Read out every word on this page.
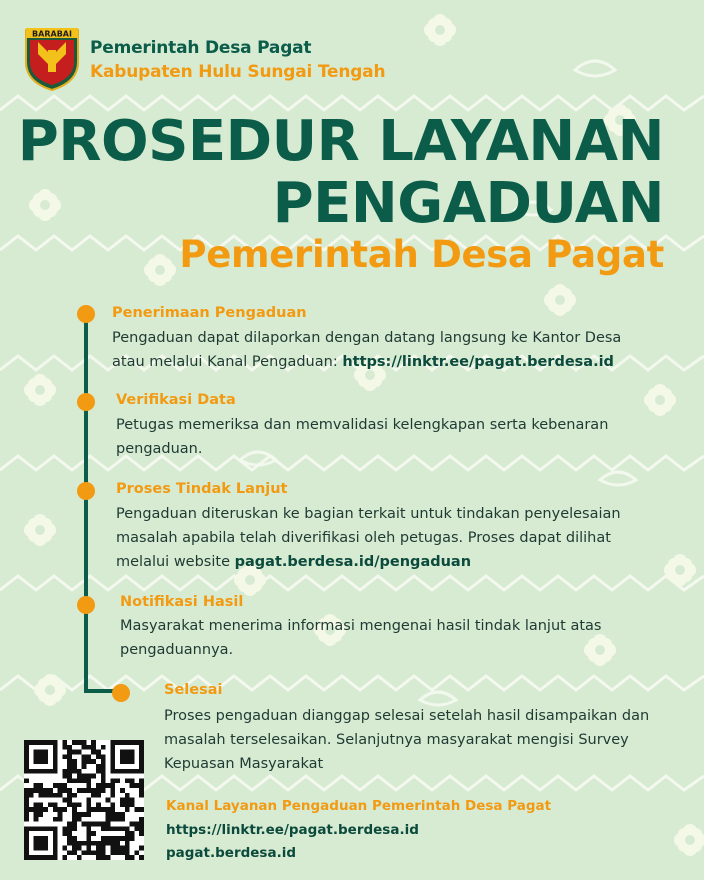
BARABAI

Pemerintah Desa Pagat

Kabupaten Hulu Sungai Tengah

PROSEDUR LAYANAN
PENGADUAN
Pemerintah Desa Pagat

Penerimaan Pengaduan

Pengaduan dapat dilaporkan dengan datang langsung ke Kantor Desa
atau melalui Kanal Pengaduan: https://linktr.ee/pagat.berdesa.id

Verifikasi Data

Petugas memeriksa dan memvalidasi kelengkapan serta kebenaran
pengaduan.

Proses Tindak Lanjut

Pengaduan diteruskan ke bagian terkait untuk tindakan penyelesaian
masalah apabila telah diverifikasi oleh petugas. Proses dapat dilihat
melalui website pagat.berdesa.id/pengaduan

Notifikasi Hasil

Masyarakat menerima informasi mengenai hasil tindak lanjut atas
pengaduannya.

Selesai

Proses pengaduan dianggap selesai setelah hasil disampaikan dan
masalah terselesaikan. Selanjutnya masyarakat mengisi Survey
Kepuasan Masyarakat

Kanal Layanan Pengaduan Pemerintah Desa Pagat

https://linktr.ee/pagat.berdesa.id

pagat.berdesa.id
